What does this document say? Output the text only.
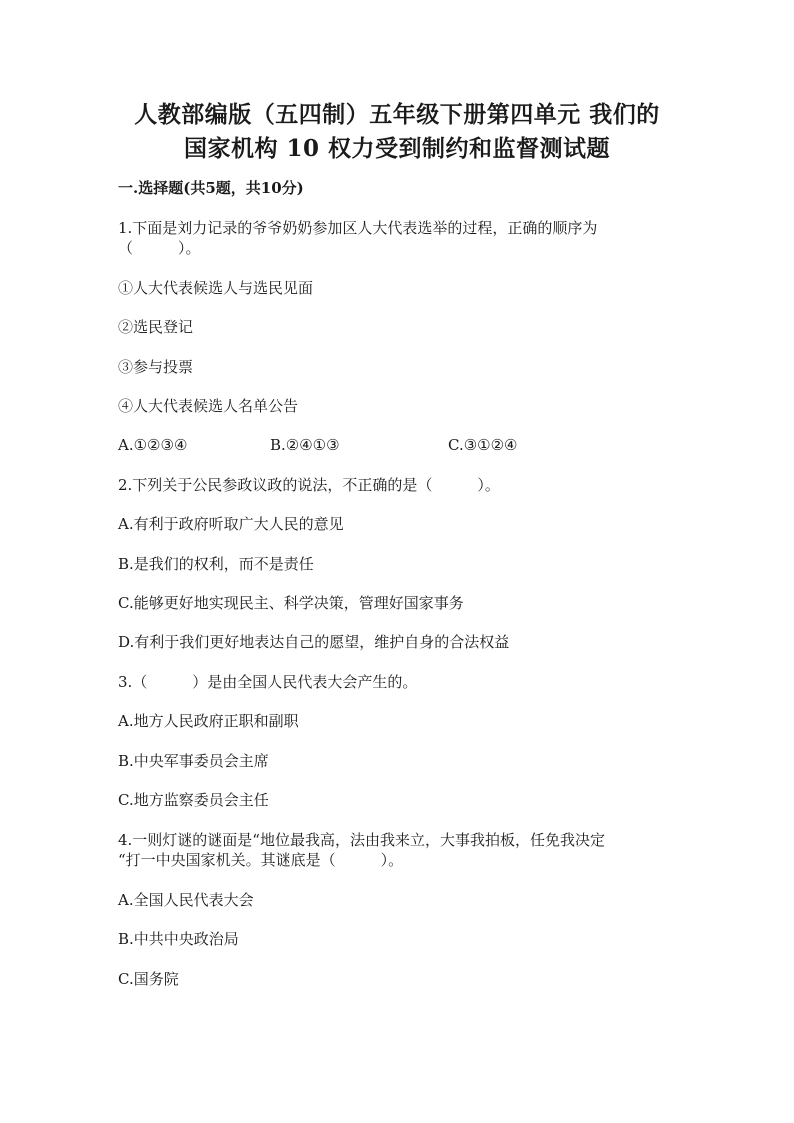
人教部编版（五四制）五年级下册第四单元 我们的
国家机构 10 权力受到制约和监督测试题
一.选择题(共5题，共10分)
1.下面是刘力记录的爷爷奶奶参加区人大代表选举的过程，正确的顺序为
（　　　）。
①人大代表候选人与选民见面
②选民登记
③参与投票
④人大代表候选人名单公告
A.①②③④	B.②④①③	C.③①②④
2.下列关于公民参政议政的说法，不正确的是（　　　）。
A.有利于政府听取广大人民的意见
B.是我们的权利，而不是责任
C.能够更好地实现民主、科学决策，管理好国家事务
D.有利于我们更好地表达自己的愿望，维护自身的合法权益
3.（　　　）是由全国人民代表大会产生的。
A.地方人民政府正职和副职
B.中央军事委员会主席
C.地方监察委员会主任
4.一则灯谜的谜面是“地位最我高，法由我来立，大事我拍板，任免我决定
“打一中央国家机关。其谜底是（　　　）。
A.全国人民代表大会
B.中共中央政治局
C.国务院
